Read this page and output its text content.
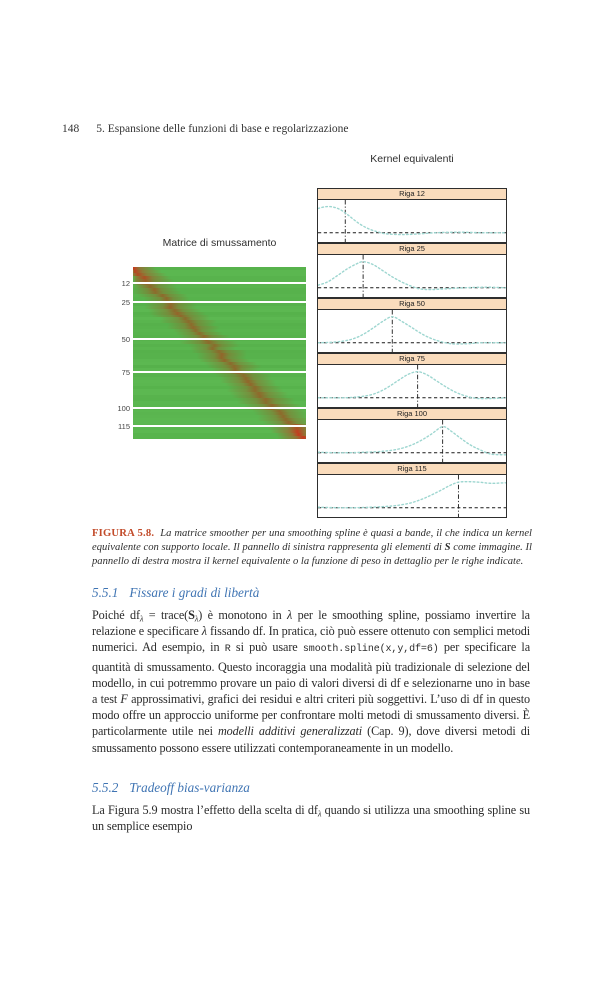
148 5. Espansione delle funzioni di base e regolarizzazione
Kernel equivalenti
Matrice di smussamento
12
25
50
75
100
115
Riga 12
Riga 25
Riga 50
Riga 75
Riga 100
Riga 115

FIGURA 5.8. La matrice smoother per una smoothing spline è quasi a bande, il che indica un kernel equivalente con supporto locale. Il pannello di sinistra rappresenta gli elementi di S come immagine. Il pannello di destra mostra il kernel equivalente o la funzione di peso in dettaglio per le righe indicate.

5.5.1 Fissare i gradi di libertà

Poiché dfλ = trace(Sλ) è monotono in λ per le smoothing spline, possiamo invertire la relazione e specificare λ fissando df. In pratica, ciò può essere ottenuto con semplici metodi numerici. Ad esempio, in R si può usare smooth.spline(x,y,df=6) per specificare la quantità di smussamento. Questo incoraggia una modalità più tradizionale di selezione del modello, in cui potremmo provare un paio di valori diversi di df e selezionarne uno in base a test F approssimativi, grafici dei residui e altri criteri più soggettivi. L’uso di df in questo modo offre un approccio uniforme per confrontare molti metodi di smussamento diversi. È particolarmente utile nei modelli additivi generalizzati (Cap. 9), dove diversi metodi di smussamento possono essere utilizzati contemporaneamente in un modello.

5.5.2 Tradeoff bias-varianza

La Figura 5.9 mostra l’effetto della scelta di dfλ quando si utilizza una smoothing spline su un semplice esempio
